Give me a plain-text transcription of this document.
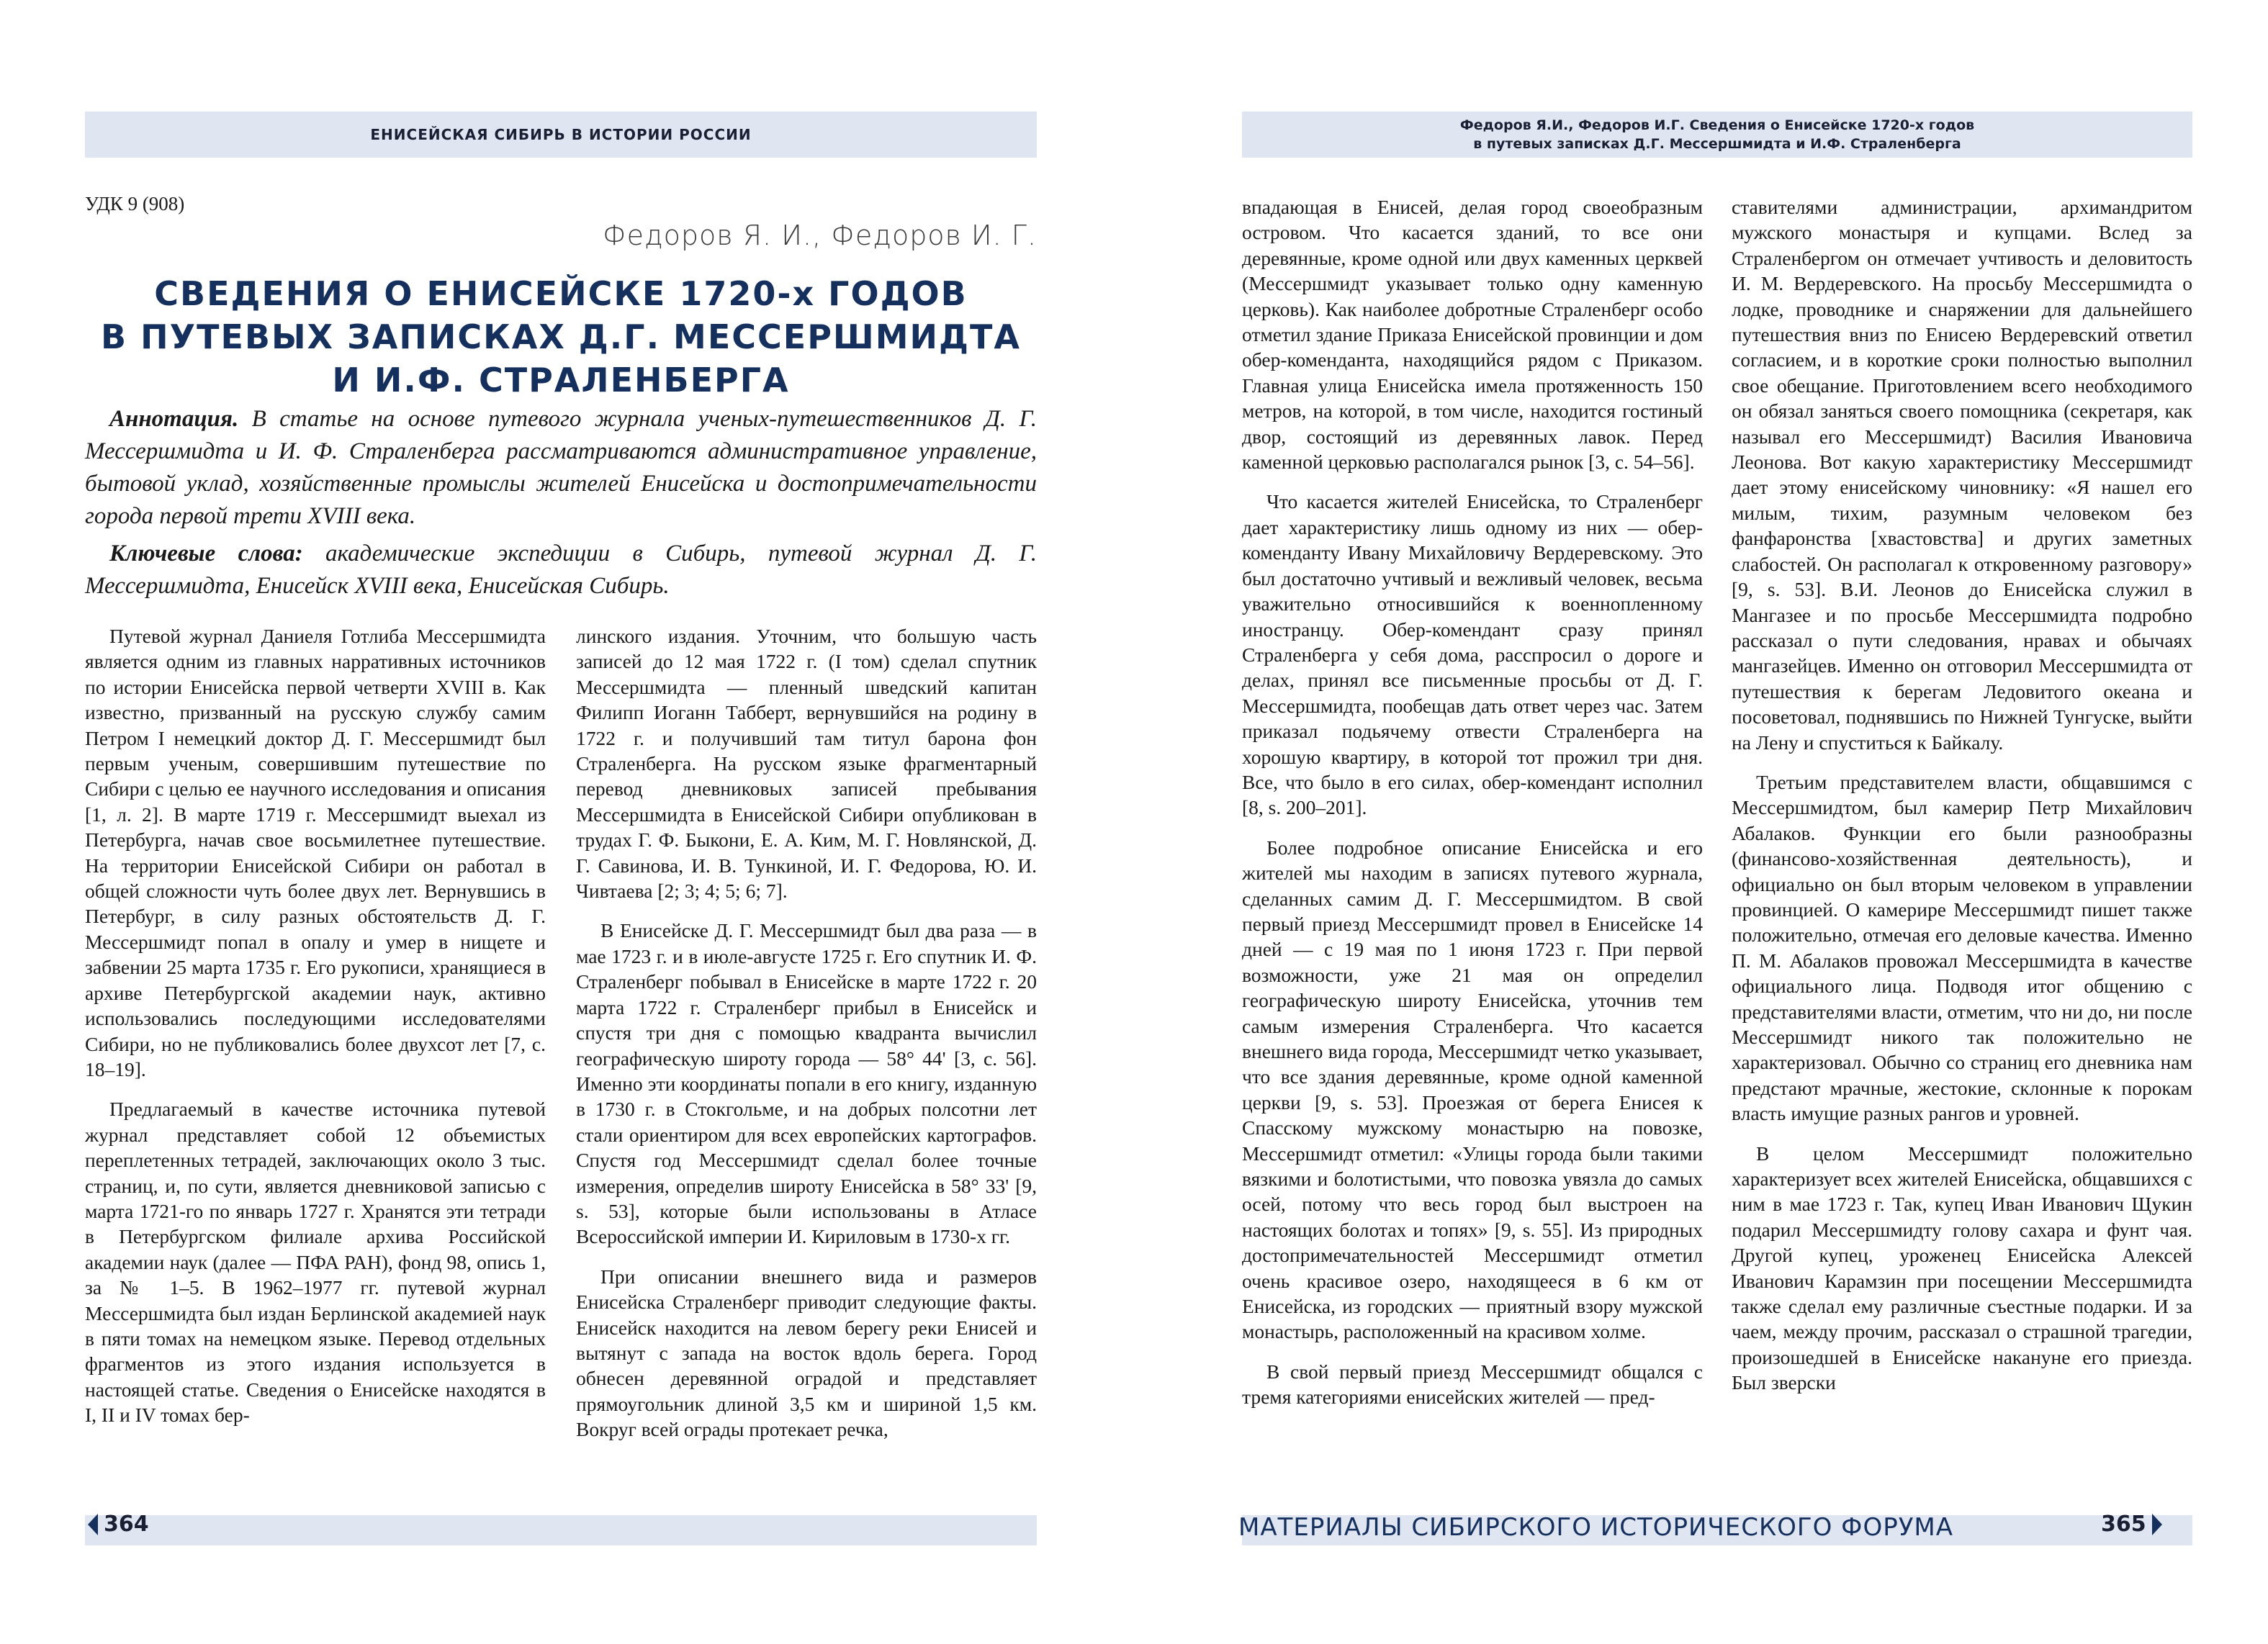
ЕНИСЕЙСКАЯ СИБИРЬ В ИСТОРИИ РОССИИ
УДК 9 (908)
Федоров Я. И., Федоров И. Г.
СВЕДЕНИЯ О ЕНИСЕЙСКЕ 1720-х ГОДОВ
В ПУТЕВЫХ ЗАПИСКАХ Д.Г. МЕССЕРШМИДТА
И И.Ф. СТРАЛЕНБЕРГА

Аннотация. В статье на основе путевого журнала ученых-путешественников Д. Г. Мессершмидта и И. Ф. Страленберга рассматриваются административное управление, бытовой уклад, хозяйственные промыслы жителей Енисейска и достопримечательности города первой трети XVIII века.

Ключевые слова: академические экспедиции в Сибирь, путевой журнал Д. Г. Мессершмидта, Енисейск XVIII века, Енисейская Сибирь.

Путевой журнал Даниеля Готлиба Мессершмидта является одним из главных нарративных источников по истории Енисейска первой четверти XVIII в. Как известно, призванный на русскую службу самим Петром I немецкий доктор Д. Г. Мессершмидт был первым ученым, совершившим путешествие по Сибири с целью ее научного исследования и описания [1, л. 2]. В марте 1719 г. Мессершмидт выехал из Петербурга, начав свое восьмилетнее путешествие. На территории Енисейской Сибири он работал в общей сложности чуть более двух лет. Вернувшись в Петербург, в силу разных обстоятельств Д. Г. Мессершмидт попал в опалу и умер в нищете и забвении 25 марта 1735 г. Его рукописи, хранящиеся в архиве Петербургской академии наук, активно использовались последующими исследователями Сибири, но не публиковались более двухсот лет [7, с. 18–19].

Предлагаемый в качестве источника путевой журнал представляет собой 12 объемистых переплетенных тетрадей, заключающих около 3 тыс. страниц, и, по сути, является дневниковой записью с марта 1721-го по январь 1727 г. Хранятся эти тетради в Петербургском филиале архива Российской академии наук (далее — ПФА РАН), фонд 98, опись 1, за № 1–5. В 1962–1977 гг. путевой журнал Мессершмидта был издан Берлинской академией наук в пяти томах на немецком языке. Перевод отдельных фрагментов из этого издания используется в настоящей статье. Сведения о Енисейске находятся в I, II и IV томах бер-

линского издания. Уточним, что большую часть записей до 12 мая 1722 г. (I том) сделал спутник Мессершмидта — пленный шведский капитан Филипп Иоганн Табберт, вернувшийся на родину в 1722 г. и получивший там титул барона фон Страленберга. На русском языке фрагментарный перевод дневниковых записей пребывания Мессершмидта в Енисейской Сибири опубликован в трудах Г. Ф. Быкони, Е. А. Ким, М. Г. Новлянской, Д. Г. Савинова, И. В. Тункиной, И. Г. Федорова, Ю. И. Чивтаева [2; 3; 4; 5; 6; 7].

В Енисейске Д. Г. Мессершмидт был два раза — в мае 1723 г. и в июле-августе 1725 г. Его спутник И. Ф. Страленберг побывал в Енисейске в марте 1722 г. 20 марта 1722 г. Страленберг прибыл в Енисейск и спустя три дня с помощью квадранта вычислил географическую широту города — 58° 44' [3, с. 56]. Именно эти координаты попали в его книгу, изданную в 1730 г. в Стокгольме, и на добрых полсотни лет стали ориентиром для всех европейских картографов. Спустя год Мессершмидт сделал более точные измерения, определив широту Енисейска в 58° 33' [9, s. 53], которые были использованы в Атласе Всероссийской империи И. Кириловым в 1730-х гг.

При описании внешнего вида и размеров Енисейска Страленберг приводит следующие факты. Енисейск находится на левом берегу реки Енисей и вытянут с запада на восток вдоль берега. Город обнесен деревянной оградой и представляет прямоугольник длиной 3,5 км и шириной 1,5 км. Вокруг всей ограды протекает речка,

364
Федоров Я.И., Федоров И.Г. Сведения о Енисейске 1720-х годов
в путевых записках Д.Г. Мессершмидта и И.Ф. Страленберга

впадающая в Енисей, делая город своеобразным островом. Что касается зданий, то все они деревянные, кроме одной или двух каменных церквей (Мессершмидт указывает только одну каменную церковь). Как наиболее добротные Страленберг особо отметил здание Приказа Енисейской провинции и дом обер-коменданта, находящийся рядом с Приказом. Главная улица Енисейска имела протяженность 150 метров, на которой, в том числе, находится гостиный двор, состоящий из деревянных лавок. Перед каменной церковью располагался рынок [3, с. 54–56].

Что касается жителей Енисейска, то Страленберг дает характеристику лишь одному из них — обер-коменданту Ивану Михайловичу Вердеревскому. Это был достаточно учтивый и вежливый человек, весьма уважительно относившийся к военнопленному иностранцу. Обер-комендант сразу принял Страленберга у себя дома, расспросил о дороге и делах, принял все письменные просьбы от Д. Г. Мессершмидта, пообещав дать ответ через час. Затем приказал подьячему отвести Страленберга на хорошую квартиру, в которой тот прожил три дня. Все, что было в его силах, обер-комендант исполнил [8, s. 200–201].

Более подробное описание Енисейска и его жителей мы находим в записях путевого журнала, сделанных самим Д. Г. Мессершмидтом. В свой первый приезд Мессершмидт провел в Енисейске 14 дней — с 19 мая по 1 июня 1723 г. При первой возможности, уже 21 мая он определил географическую широту Енисейска, уточнив тем самым измерения Страленберга. Что касается внешнего вида города, Мессершмидт четко указывает, что все здания деревянные, кроме одной каменной церкви [9, s. 53]. Проезжая от берега Енисея к Спасскому мужскому монастырю на повозке, Мессершмидт отметил: «Улицы города были такими вязкими и болотистыми, что повозка увязла до самых осей, потому что весь город был выстроен на настоящих болотах и топях» [9, s. 55]. Из природных достопримечательностей Мессершмидт отметил очень красивое озеро, находящееся в 6 км от Енисейска, из городских — приятный взору мужской монастырь, расположенный на красивом холме.

В свой первый приезд Мессершмидт общался с тремя категориями енисейских жителей — пред-

ставителями администрации, архимандритом мужского монастыря и купцами. Вслед за Страленбергом он отмечает учтивость и деловитость И. М. Вердеревского. На просьбу Мессершмидта о лодке, проводнике и снаряжении для дальнейшего путешествия вниз по Енисею Вердеревский ответил согласием, и в короткие сроки полностью выполнил свое обещание. Приготовлением всего необходимого он обязал заняться своего помощника (секретаря, как называл его Мессершмидт) Василия Ивановича Леонова. Вот какую характеристику Мессершмидт дает этому енисейскому чиновнику: «Я нашел его милым, тихим, разумным человеком без фанфаронства [хвастовства] и других заметных слабостей. Он располагал к откровенному разговору» [9, s. 53]. В.И. Леонов до Енисейска служил в Мангазее и по просьбе Мессершмидта подробно рассказал о пути следования, нравах и обычаях мангазейцев. Именно он отговорил Мессершмидта от путешествия к берегам Ледовитого океана и посоветовал, поднявшись по Нижней Тунгуске, выйти на Лену и спуститься к Байкалу.

Третьим представителем власти, общавшимся с Мессершмидтом, был камерир Петр Михайлович Абалаков. Функции его были разнообразны (финансово-хозяйственная деятельность), и официально он был вторым человеком в управлении провинцией. О камерире Мессершмидт пишет также положительно, отмечая его деловые качества. Именно П. М. Абалаков провожал Мессершмидта в качестве официального лица. Подводя итог общению с представителями власти, отметим, что ни до, ни после Мессершмидт никого так положительно не характеризовал. Обычно со страниц его дневника нам предстают мрачные, жестокие, склонные к порокам власть имущие разных рангов и уровней.

В целом Мессершмидт положительно характеризует всех жителей Енисейска, общавшихся с ним в мае 1723 г. Так, купец Иван Иванович Щукин подарил Мессершмидту голову сахара и фунт чая. Другой купец, уроженец Енисейска Алексей Иванович Карамзин при посещении Мессершмидта также сделал ему различные съестные подарки. И за чаем, между прочим, рассказал о страшной трагедии, произошедшей в Енисейске накануне его приезда. Был зверски

МАТЕРИАЛЫ СИБИРСКОГО ИСТОРИЧЕСКОГО ФОРУМА	365
